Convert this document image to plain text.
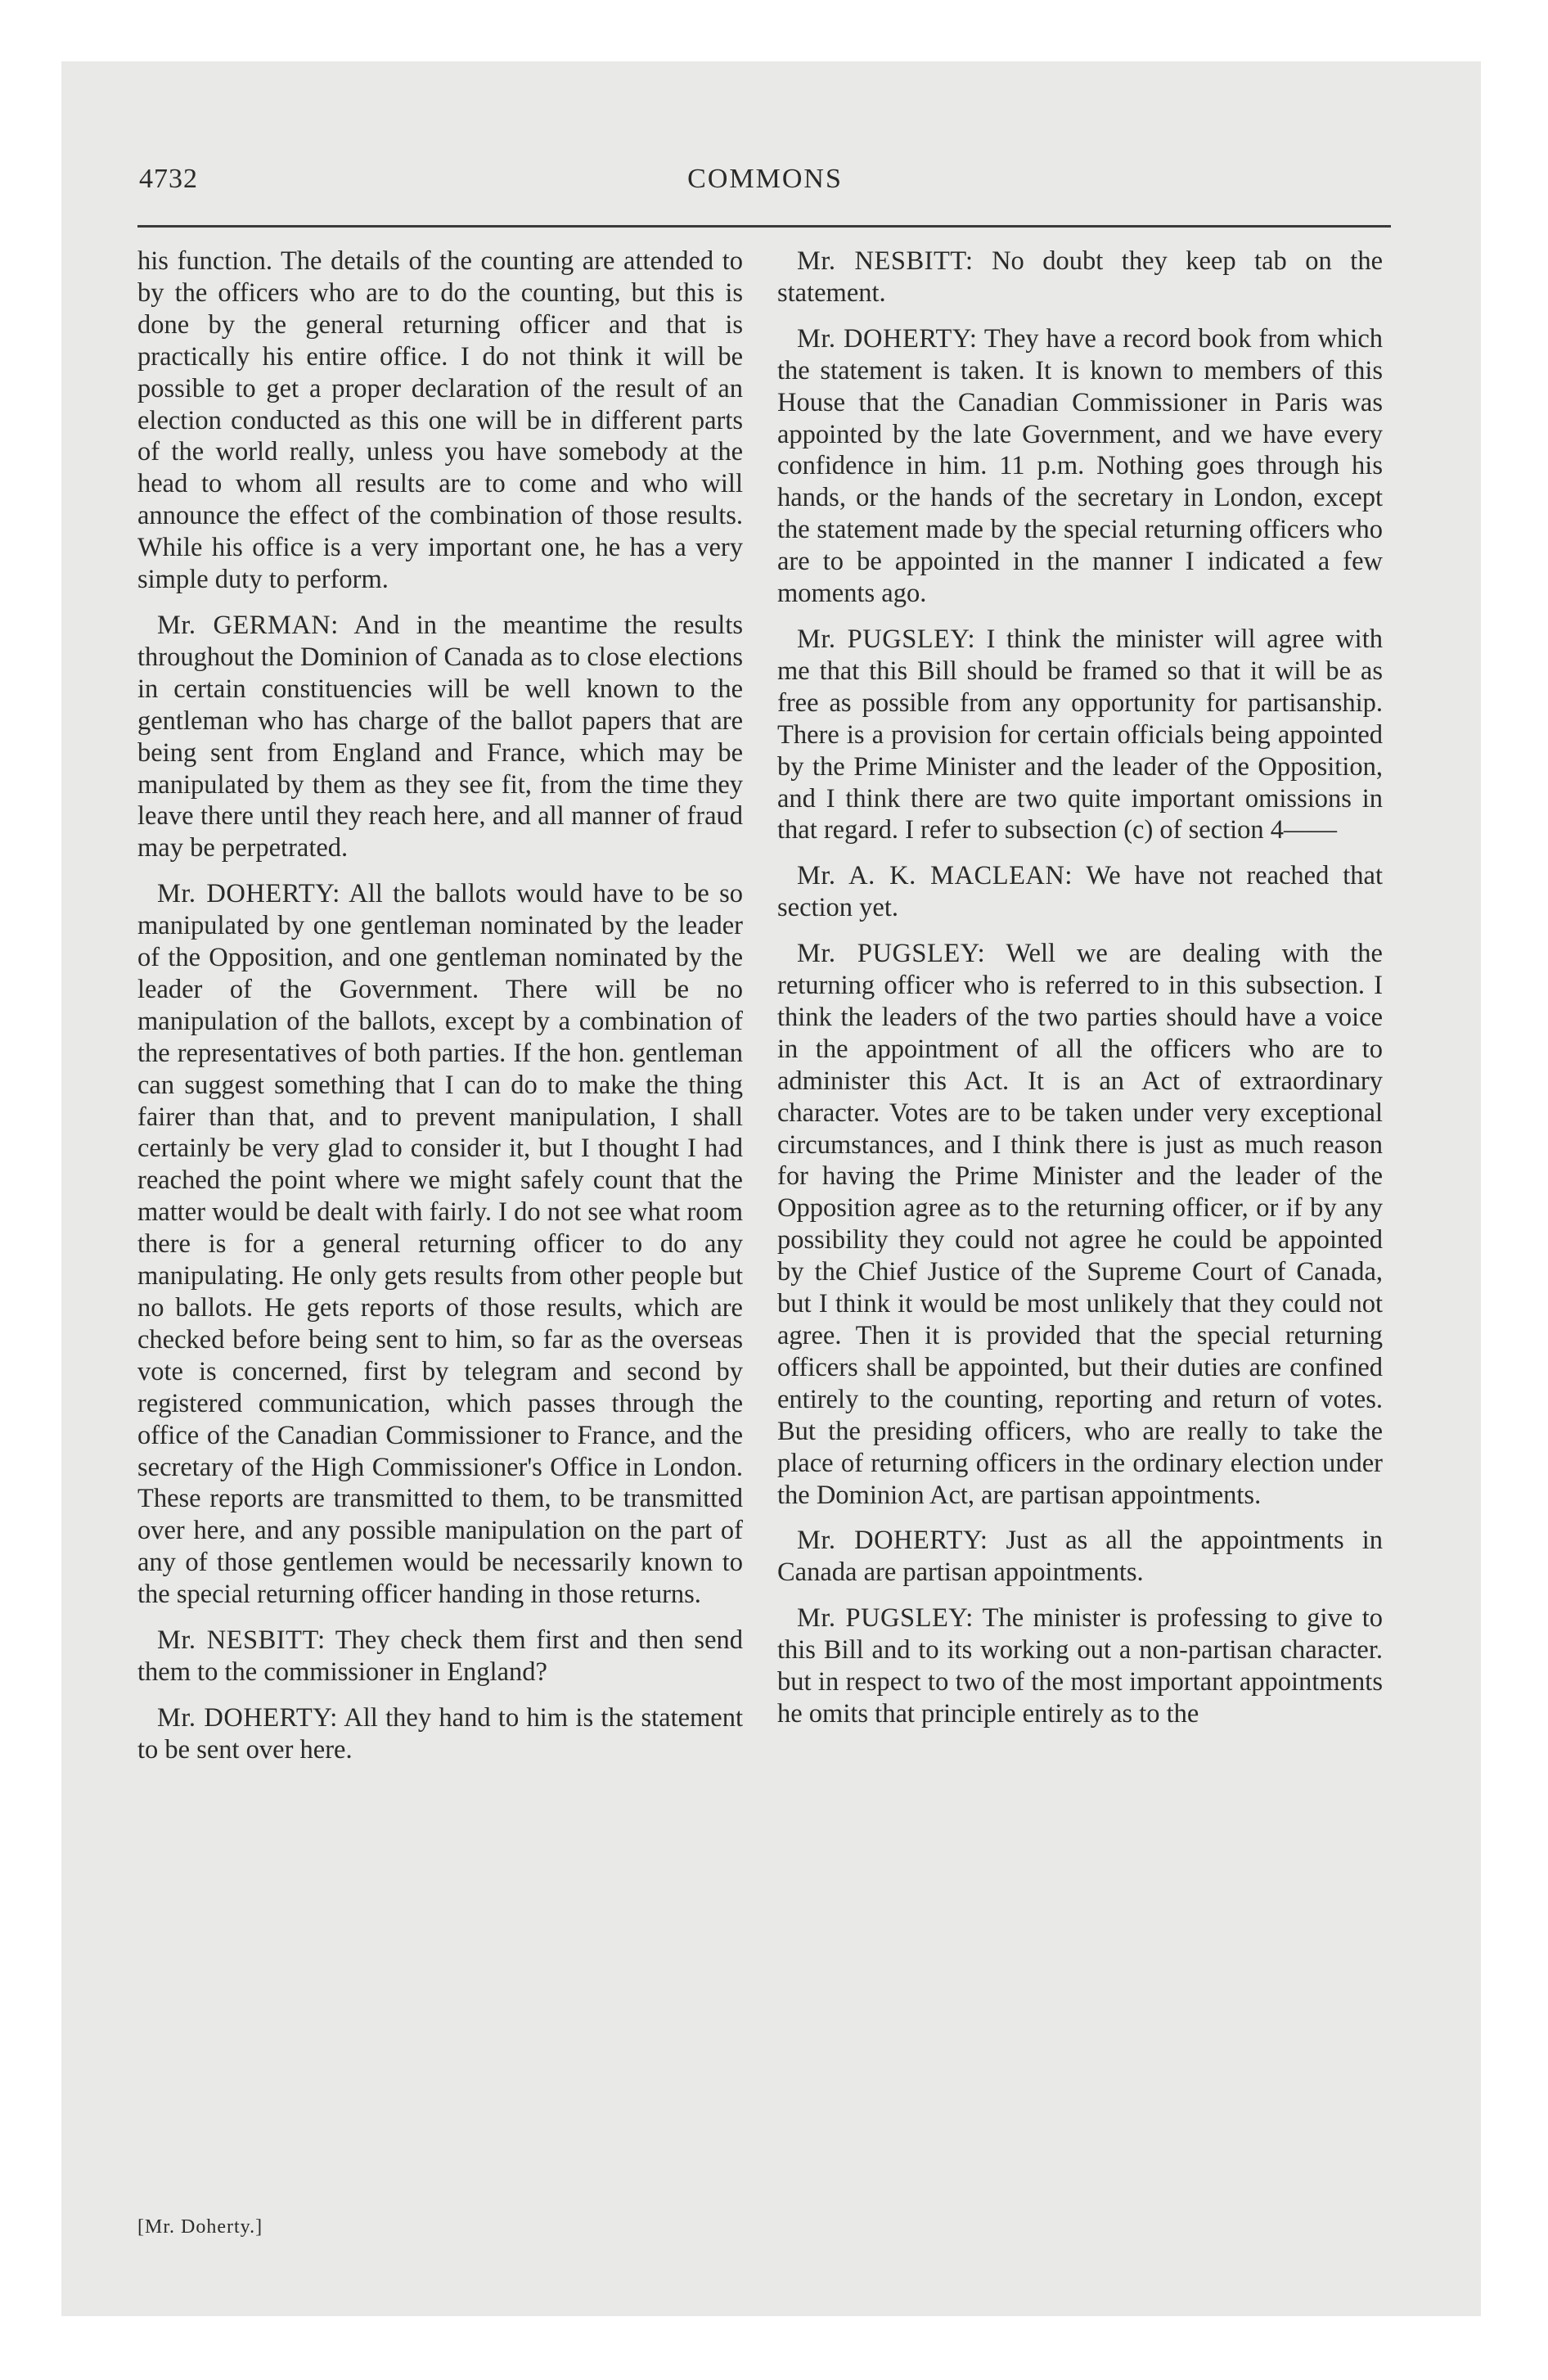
4732	COMMONS

his function. The details of the counting are attended to by the officers who are to do the counting, but this is done by the general returning officer and that is practically his entire office. I do not think it will be possible to get a proper declaration of the result of an election conducted as this one will be in different parts of the world really, unless you have somebody at the head to whom all results are to come and who will announce the effect of the combination of those results. While his office is a very important one, he has a very simple duty to perform.

Mr. GERMAN: And in the meantime the results throughout the Dominion of Canada as to close elections in certain constituencies will be well known to the gentleman who has charge of the ballot papers that are being sent from England and France, which may be manipulated by them as they see fit, from the time they leave there until they reach here, and all manner of fraud may be perpetrated.

Mr. DOHERTY: All the ballots would have to be so manipulated by one gentleman nominated by the leader of the Opposition, and one gentleman nominated by the leader of the Government. There will be no manipulation of the ballots, except by a combination of the representatives of both parties. If the hon. gentleman can suggest something that I can do to make the thing fairer than that, and to prevent manipulation, I shall certainly be very glad to consider it, but I thought I had reached the point where we might safely count that the matter would be dealt with fairly. I do not see what room there is for a general returning officer to do any manipulating. He only gets results from other people but no ballots. He gets reports of those results, which are checked before being sent to him, so far as the overseas vote is concerned, first by telegram and second by registered communication, which passes through the office of the Canadian Commissioner to France, and the secretary of the High Commissioner's Office in London. These reports are transmitted to them, to be transmitted over here, and any possible manipulation on the part of any of those gentlemen would be necessarily known to the special returning officer handing in those returns.

Mr. NESBITT: They check them first and then send them to the commissioner in England?

Mr. DOHERTY: All they hand to him is the statement to be sent over here.

Mr. NESBITT: No doubt they keep tab on the statement.

Mr. DOHERTY: They have a record book from which the statement is taken. It is known to members of this House that the Canadian Commissioner in Paris was appointed by the late Government, and we have every confidence in him. 11 p.m. Nothing goes through his hands, or the hands of the secretary in London, except the statement made by the special returning officers who are to be appointed in the manner I indicated a few moments ago.

Mr. PUGSLEY: I think the minister will agree with me that this Bill should be framed so that it will be as free as possible from any opportunity for partisanship. There is a provision for certain officials being appointed by the Prime Minister and the leader of the Opposition, and I think there are two quite important omissions in that regard. I refer to subsection (c) of section 4——

Mr. A. K. MACLEAN: We have not reached that section yet.

Mr. PUGSLEY: Well we are dealing with the returning officer who is referred to in this subsection. I think the leaders of the two parties should have a voice in the appointment of all the officers who are to administer this Act. It is an Act of extraordinary character. Votes are to be taken under very exceptional circumstances, and I think there is just as much reason for having the Prime Minister and the leader of the Opposition agree as to the returning officer, or if by any possibility they could not agree he could be appointed by the Chief Justice of the Supreme Court of Canada, but I think it would be most unlikely that they could not agree. Then it is provided that the special returning officers shall be appointed, but their duties are confined entirely to the counting, reporting and return of votes. But the presiding officers, who are really to take the place of returning officers in the ordinary election under the Dominion Act, are partisan appointments.

Mr. DOHERTY: Just as all the appointments in Canada are partisan appointments.

Mr. PUGSLEY: The minister is professing to give to this Bill and to its working out a non-partisan character. but in respect to two of the most important appointments he omits that principle entirely as to the

[Mr. Doherty.]
